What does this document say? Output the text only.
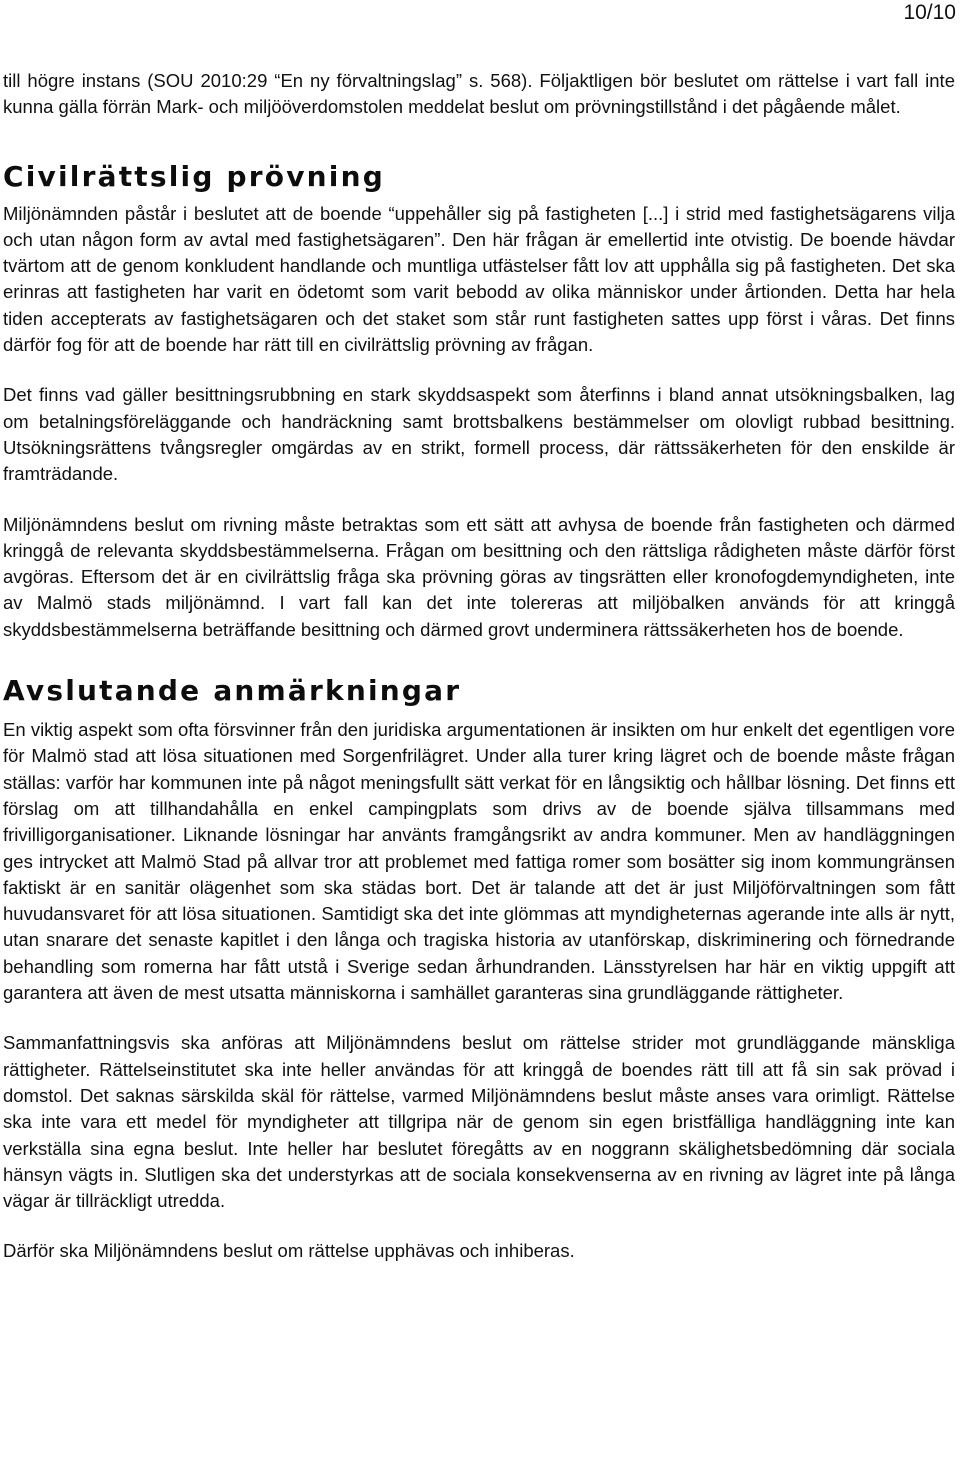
10/10

till högre instans (SOU 2010:29 “En ny förvaltningslag” s. 568). Följaktligen bör beslutet om rättelse i vart fall inte kunna gälla förrän Mark- och miljööverdomstolen meddelat beslut om prövningstillstånd i det pågående målet.

Civilrättslig prövning

Miljönämnden påstår i beslutet att de boende “uppehåller sig på fastigheten [...] i strid med fastighetsägarens vilja och utan någon form av avtal med fastighetsägaren”. Den här frågan är emellertid inte otvistig. De boende hävdar tvärtom att de genom konkludent handlande och muntliga utfästelser fått lov att upphålla sig på fastigheten. Det ska erinras att fastigheten har varit en ödetomt som varit bebodd av olika människor under årtionden. Detta har hela tiden accepterats av fastighetsägaren och det staket som står runt fastigheten sattes upp först i våras. Det finns därför fog för att de boende har rätt till en civilrättslig prövning av frågan.

Det finns vad gäller besittningsrubbning en stark skyddsaspekt som återfinns i bland annat utsökningsbalken, lag om betalningsföreläggande och handräckning samt brottsbalkens bestämmelser om olovligt rubbad besittning. Utsökningsrättens tvångsregler omgärdas av en strikt, formell process, där rättssäkerheten för den enskilde är framträdande.

Miljönämndens beslut om rivning måste betraktas som ett sätt att avhysa de boende från fastigheten och därmed kringgå de relevanta skyddsbestämmelserna. Frågan om besittning och den rättsliga rådigheten måste därför först avgöras. Eftersom det är en civilrättslig fråga ska prövning göras av tingsrätten eller kronofogdemyndigheten, inte av Malmö stads miljönämnd. I vart fall kan det inte tolereras att miljöbalken används för att kringgå skyddsbestämmelserna beträffande besittning och därmed grovt underminera rättssäkerheten hos de boende.

Avslutande anmärkningar

En viktig aspekt som ofta försvinner från den juridiska argumentationen är insikten om hur enkelt det egentligen vore för Malmö stad att lösa situationen med Sorgenfrilägret. Under alla turer kring lägret och de boende måste frågan ställas: varför har kommunen inte på något meningsfullt sätt verkat för en långsiktig och hållbar lösning. Det finns ett förslag om att tillhandahålla en enkel campingplats som drivs av de boende själva tillsammans med frivilligorganisationer. Liknande lösningar har använts framgångsrikt av andra kommuner. Men av handläggningen ges intrycket att Malmö Stad på allvar tror att problemet med fattiga romer som bosätter sig inom kommungränsen faktiskt är en sanitär olägenhet som ska städas bort. Det är talande att det är just Miljöförvaltningen som fått huvudansvaret för att lösa situationen. Samtidigt ska det inte glömmas att myndigheternas agerande inte alls är nytt, utan snarare det senaste kapitlet i den långa och tragiska historia av utanförskap, diskriminering och förnedrande behandling som romerna har fått utstå i Sverige sedan århundranden. Länsstyrelsen har här en viktig uppgift att garantera att även de mest utsatta människorna i samhället garanteras sina grundläggande rättigheter.

Sammanfattningsvis ska anföras att Miljönämndens beslut om rättelse strider mot grundläggande mänskliga rättigheter. Rättelseinstitutet ska inte heller användas för att kringgå de boendes rätt till att få sin sak prövad i domstol. Det saknas särskilda skäl för rättelse, varmed Miljönämndens beslut måste anses vara orimligt. Rättelse ska inte vara ett medel för myndigheter att tillgripa när de genom sin egen bristfälliga handläggning inte kan verkställa sina egna beslut. Inte heller har beslutet föregåtts av en noggrann skälighetsbedömning där sociala hänsyn vägts in. Slutligen ska det understyrkas att de sociala konsekvenserna av en rivning av lägret inte på långa vägar är tillräckligt utredda.

Därför ska Miljönämndens beslut om rättelse upphävas och inhiberas.
